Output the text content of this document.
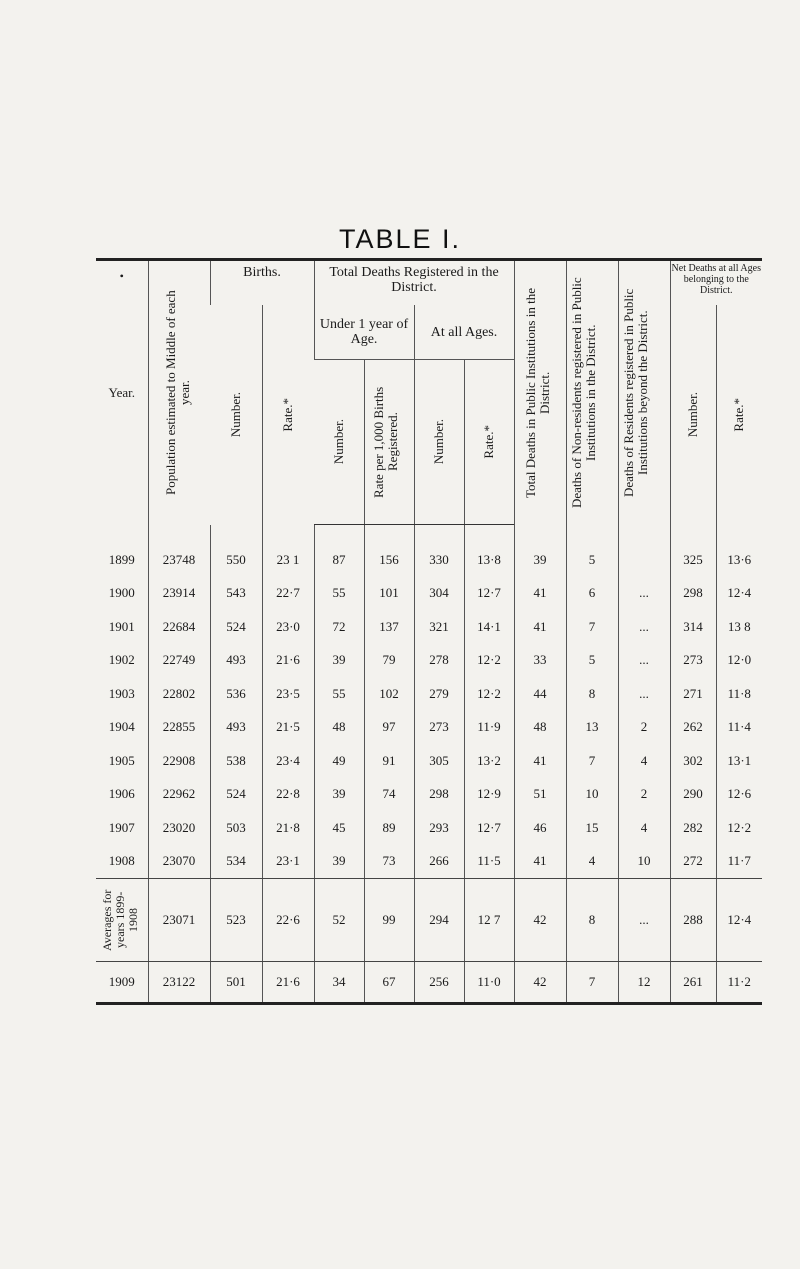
TABLE I.
•
Year.	Population estimated to Middle of each year.	Births.		Total Deaths Registered in the District.				Total Deaths in Public Institutions in the District.	Deaths of Non-residents registered in Public Institutions in the District.	Deaths of Residents registered in Public Institutions beyond the District.	Net Deaths at all Ages belonging to the District.	

		Number.	Rate.*	Under 1 year of Age.		At all Ages.					Number.	Rate.*

				Number.	Rate per 1,000 Births Registered.	Number.	Rate.*					

1899	23748	550	23 1	87	156	330	13·8	39	5		325	13·6
1900	23914	543	22·7	55	101	304	12·7	41	6	...	298	12·4
1901	22684	524	23·0	72	137	321	14·1	41	7	...	314	13 8
1902	22749	493	21·6	39	79	278	12·2	33	5	...	273	12·0
1903	22802	536	23·5	55	102	279	12·2	44	8	...	271	11·8
1904	22855	493	21·5	48	97	273	11·9	48	13	2	262	11·4
1905	22908	538	23·4	49	91	305	13·2	41	7	4	302	13·1
1906	22962	524	22·8	39	74	298	12·9	51	10	2	290	12·6
1907	23020	503	21·8	45	89	293	12·7	46	15	4	282	12·2
1908	23070	534	23·1	39	73	266	11·5	41	4	10	272	11·7

Averages for years 1899-1908	23071	523	22·6	52	99	294	12 7	42	8	...	288	12·4
1909	23122	501	21·6	34	67	256	11·0	42	7	12	261	11·2
